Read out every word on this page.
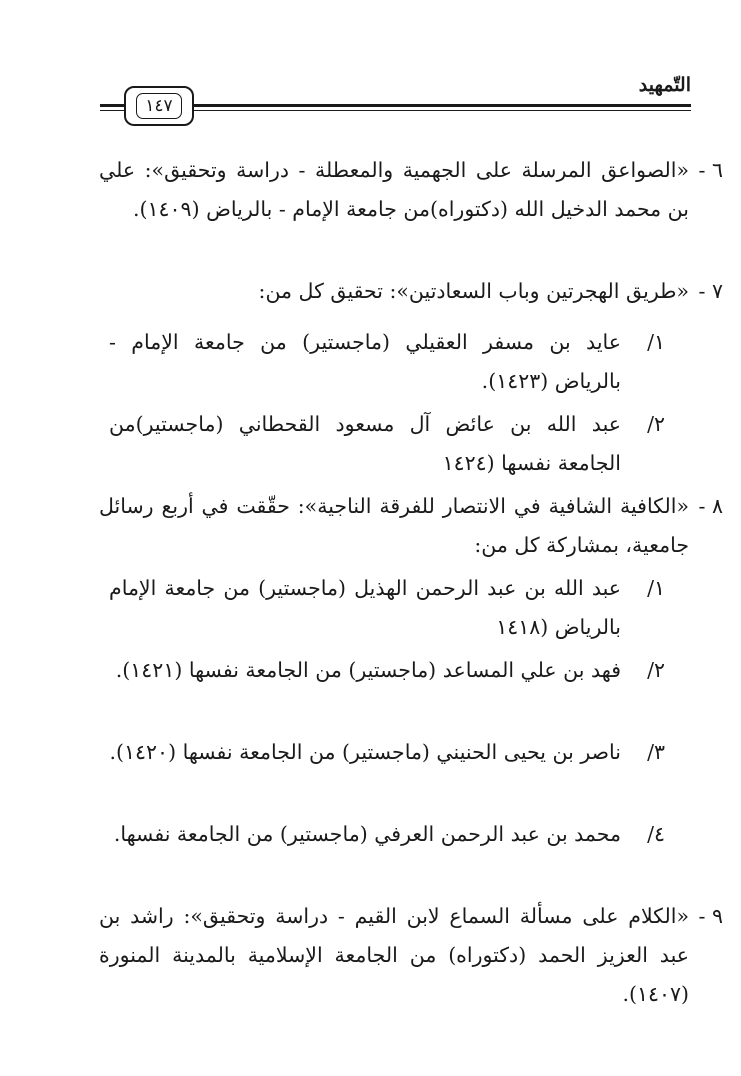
التّمهيد
١٤٧
٦ -
«الصواعق المرسلة على الجهمية والمعطلة - دراسة وتحقيق»: علي بن محمد الدخيل الله (دكتوراه)من جامعة الإمام - بالرياض (١٤٠٩).
٧ -
«طريق الهجرتين وباب السعادتين»: تحقيق كل من:
١/
عايد بن مسفر العقيلي (ماجستير) من جامعة الإمام - بالرياض (١٤٢٣).
٢/
عبد الله بن عائض آل مسعود القحطاني (ماجستير)من الجامعة نفسها (١٤٢٤
٨ -
«الكافية الشافية في الانتصار للفرقة الناجية»: حقّقت في أربع رسائل جامعية، بمشاركة كل من:
١/
عبد الله بن عبد الرحمن الهذيل (ماجستير) من جامعة الإمام بالرياض (١٤١٨
٢/
فهد بن علي المساعد (ماجستير) من الجامعة نفسها (١٤٢١).
٣/
ناصر بن يحيى الحنيني (ماجستير) من الجامعة نفسها (١٤٢٠).
٤/
محمد بن عبد الرحمن العرفي (ماجستير) من الجامعة نفسها.
٩ -
«الكلام على مسألة السماع لابن القيم - دراسة وتحقيق»: راشد بن عبد العزيز الحمد (دكتوراه) من الجامعة الإسلامية بالمدينة المنورة (١٤٠٧).
